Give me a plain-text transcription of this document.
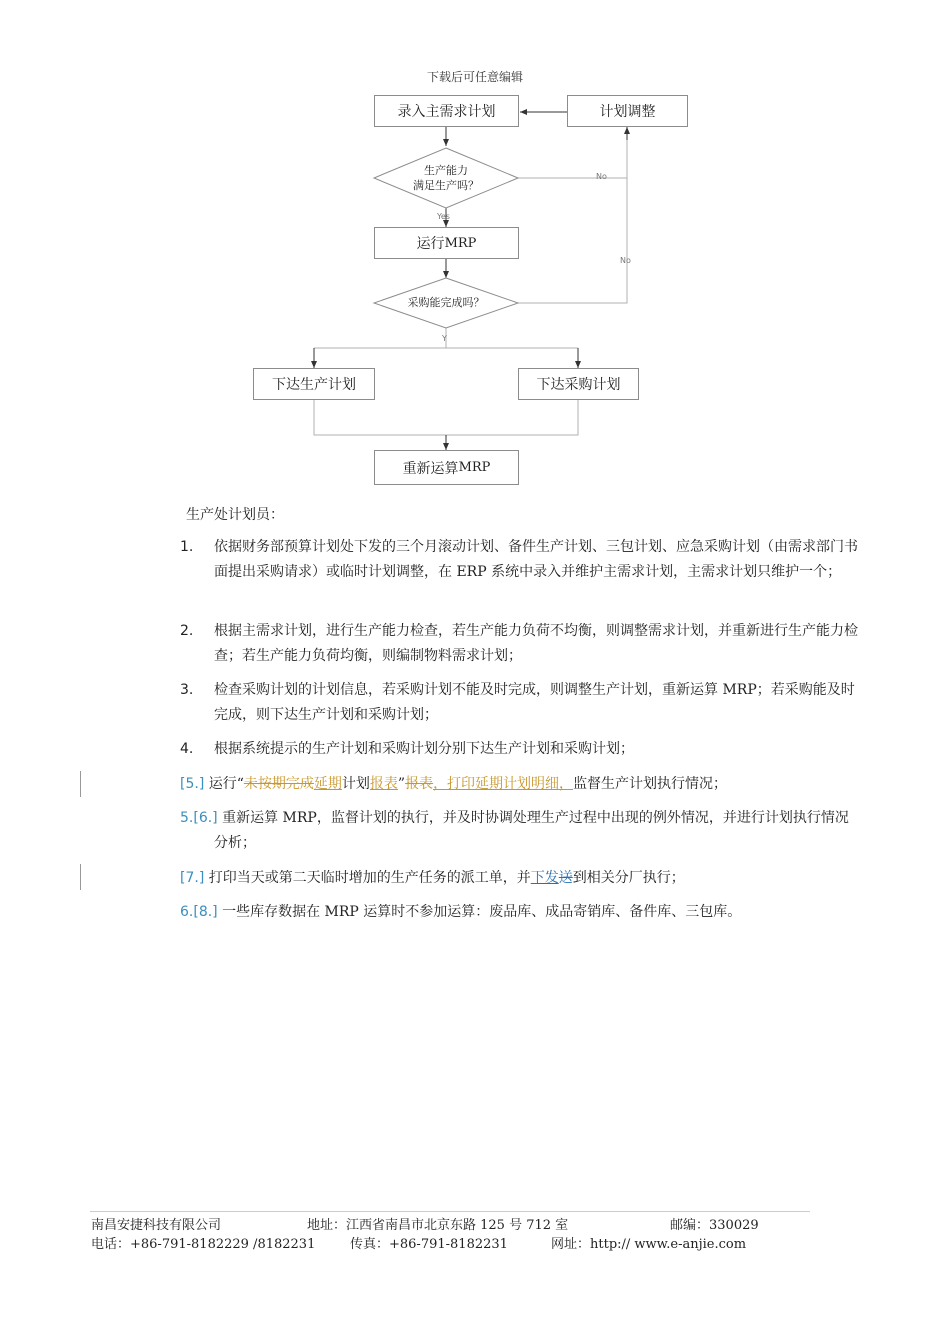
下载后可任意编辑
录入主需求计划	计划调整
生产能力
满足生产吗？
运行 MRP
采购能完成吗？
下达生产计划	下达采购计划
重新运算 MRP
No
Yes
No
Y
生产处计划员：
1. 依据财务部预算计划处下发的三个月滚动计划、备件生产计划、三包计划、应急采购计划（由需求部门书面提出采购请求）或临时计划调整，在 ERP 系统中录入并维护主需求计划，主需求计划只维护一个；
2. 根据主需求计划，进行生产能力检查，若生产能力负荷不均衡，则调整需求计划，并重新进行生产能力检查；若生产能力负荷均衡，则编制物料需求计划；
3. 检查采购计划的计划信息，若采购计划不能及时完成，则调整生产计划，重新运算 MRP；若采购能及时完成，则下达生产计划和采购计划；
4. 根据系统提示的生产计划和采购计划分别下达生产计划和采购计划；
[5.] 运行“未按期完成延期计划报表”报表，打印延期计划明细，监督生产计划执行情况；
5.[6.] 重新运算 MRP，监督计划的执行，并及时协调处理生产过程中出现的例外情况，并进行计划执行情况分析；
[7.] 打印当天或第二天临时增加的生产任务的派工单，并下发送到相关分厂执行；
6.[8.] 一些库存数据在 MRP 运算时不参加运算：废品库、成品寄销库、备件库、三包库。
南昌安捷科技有限公司	地址：江西省南昌市北京东路 125 号 712 室	邮编：330029
电话：+86-791-8182229 /8182231	传真：+86-791-8182231	网址：http:// www.e-anjie.com
